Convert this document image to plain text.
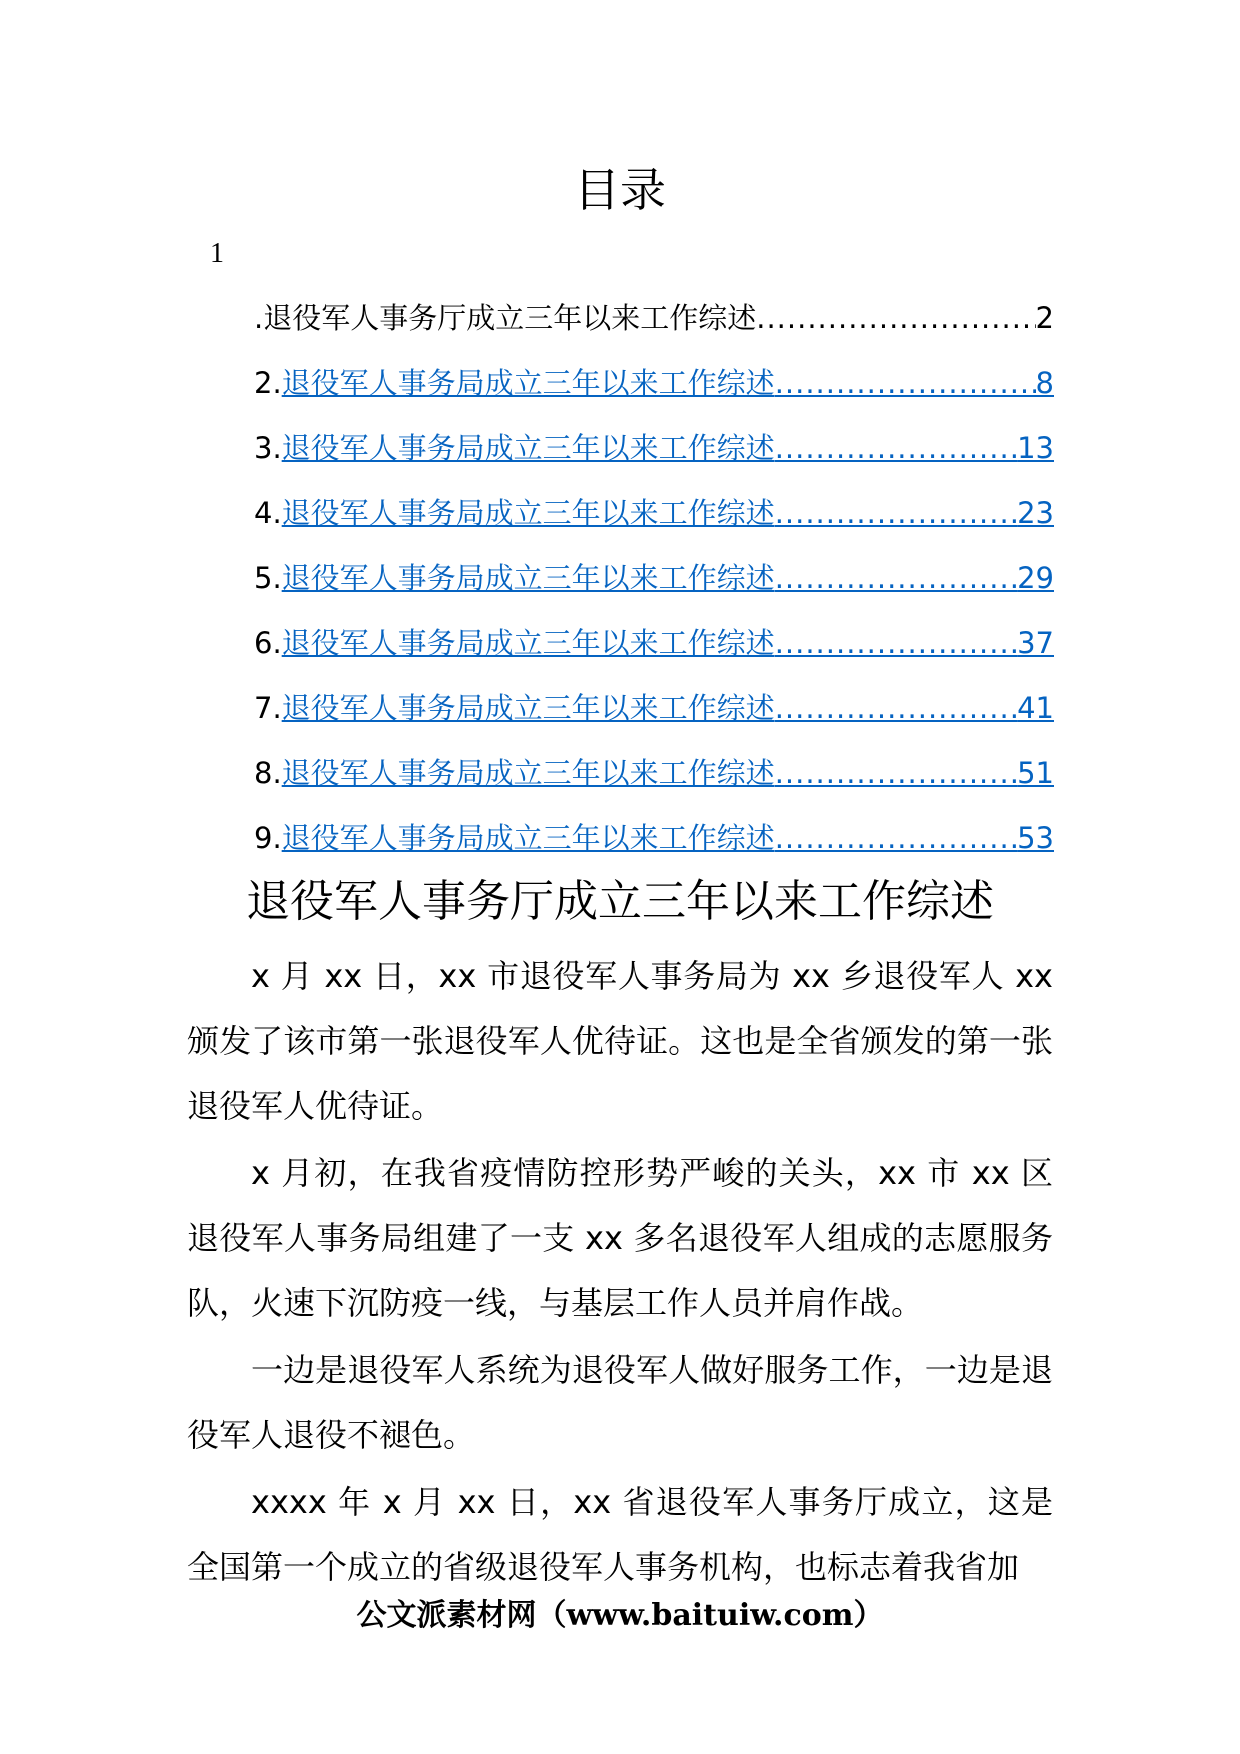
目录
1
. 退役军人事务厅成立三年以来工作综述 .....	2
2. 退役军人事务局成立三年以来工作综述 .....	8
3. 退役军人事务局成立三年以来工作综述 .....	13
4. 退役军人事务局成立三年以来工作综述 .....	23
5. 退役军人事务局成立三年以来工作综述 .....	29
6. 退役军人事务局成立三年以来工作综述 .....	37
7. 退役军人事务局成立三年以来工作综述 .....	41
8. 退役军人事务局成立三年以来工作综述 .....	51
9. 退役军人事务局成立三年以来工作综述 .....	53
退役军人事务厅成立三年以来工作综述

x 月 xx 日，xx 市退役军人事务局为 xx 乡退役军人 xx 颁发了该市第一张退役军人优待证。这也是全省颁发的第一张退役军人优待证。

x 月初，在我省疫情防控形势严峻的关头，xx 市 xx 区退役军人事务局组建了一支 xx 多名退役军人组成的志愿服务队，火速下沉防疫一线，与基层工作人员并肩作战。

一边是退役军人系统为退役军人做好服务工作，一边是退役军人退役不褪色。

xxxx 年 x 月 xx 日，xx 省退役军人事务厅成立，这是全国第一个成立的省级退役军人事务机构，也标志着我省加

公文派素材网（www.baituiw.com）
